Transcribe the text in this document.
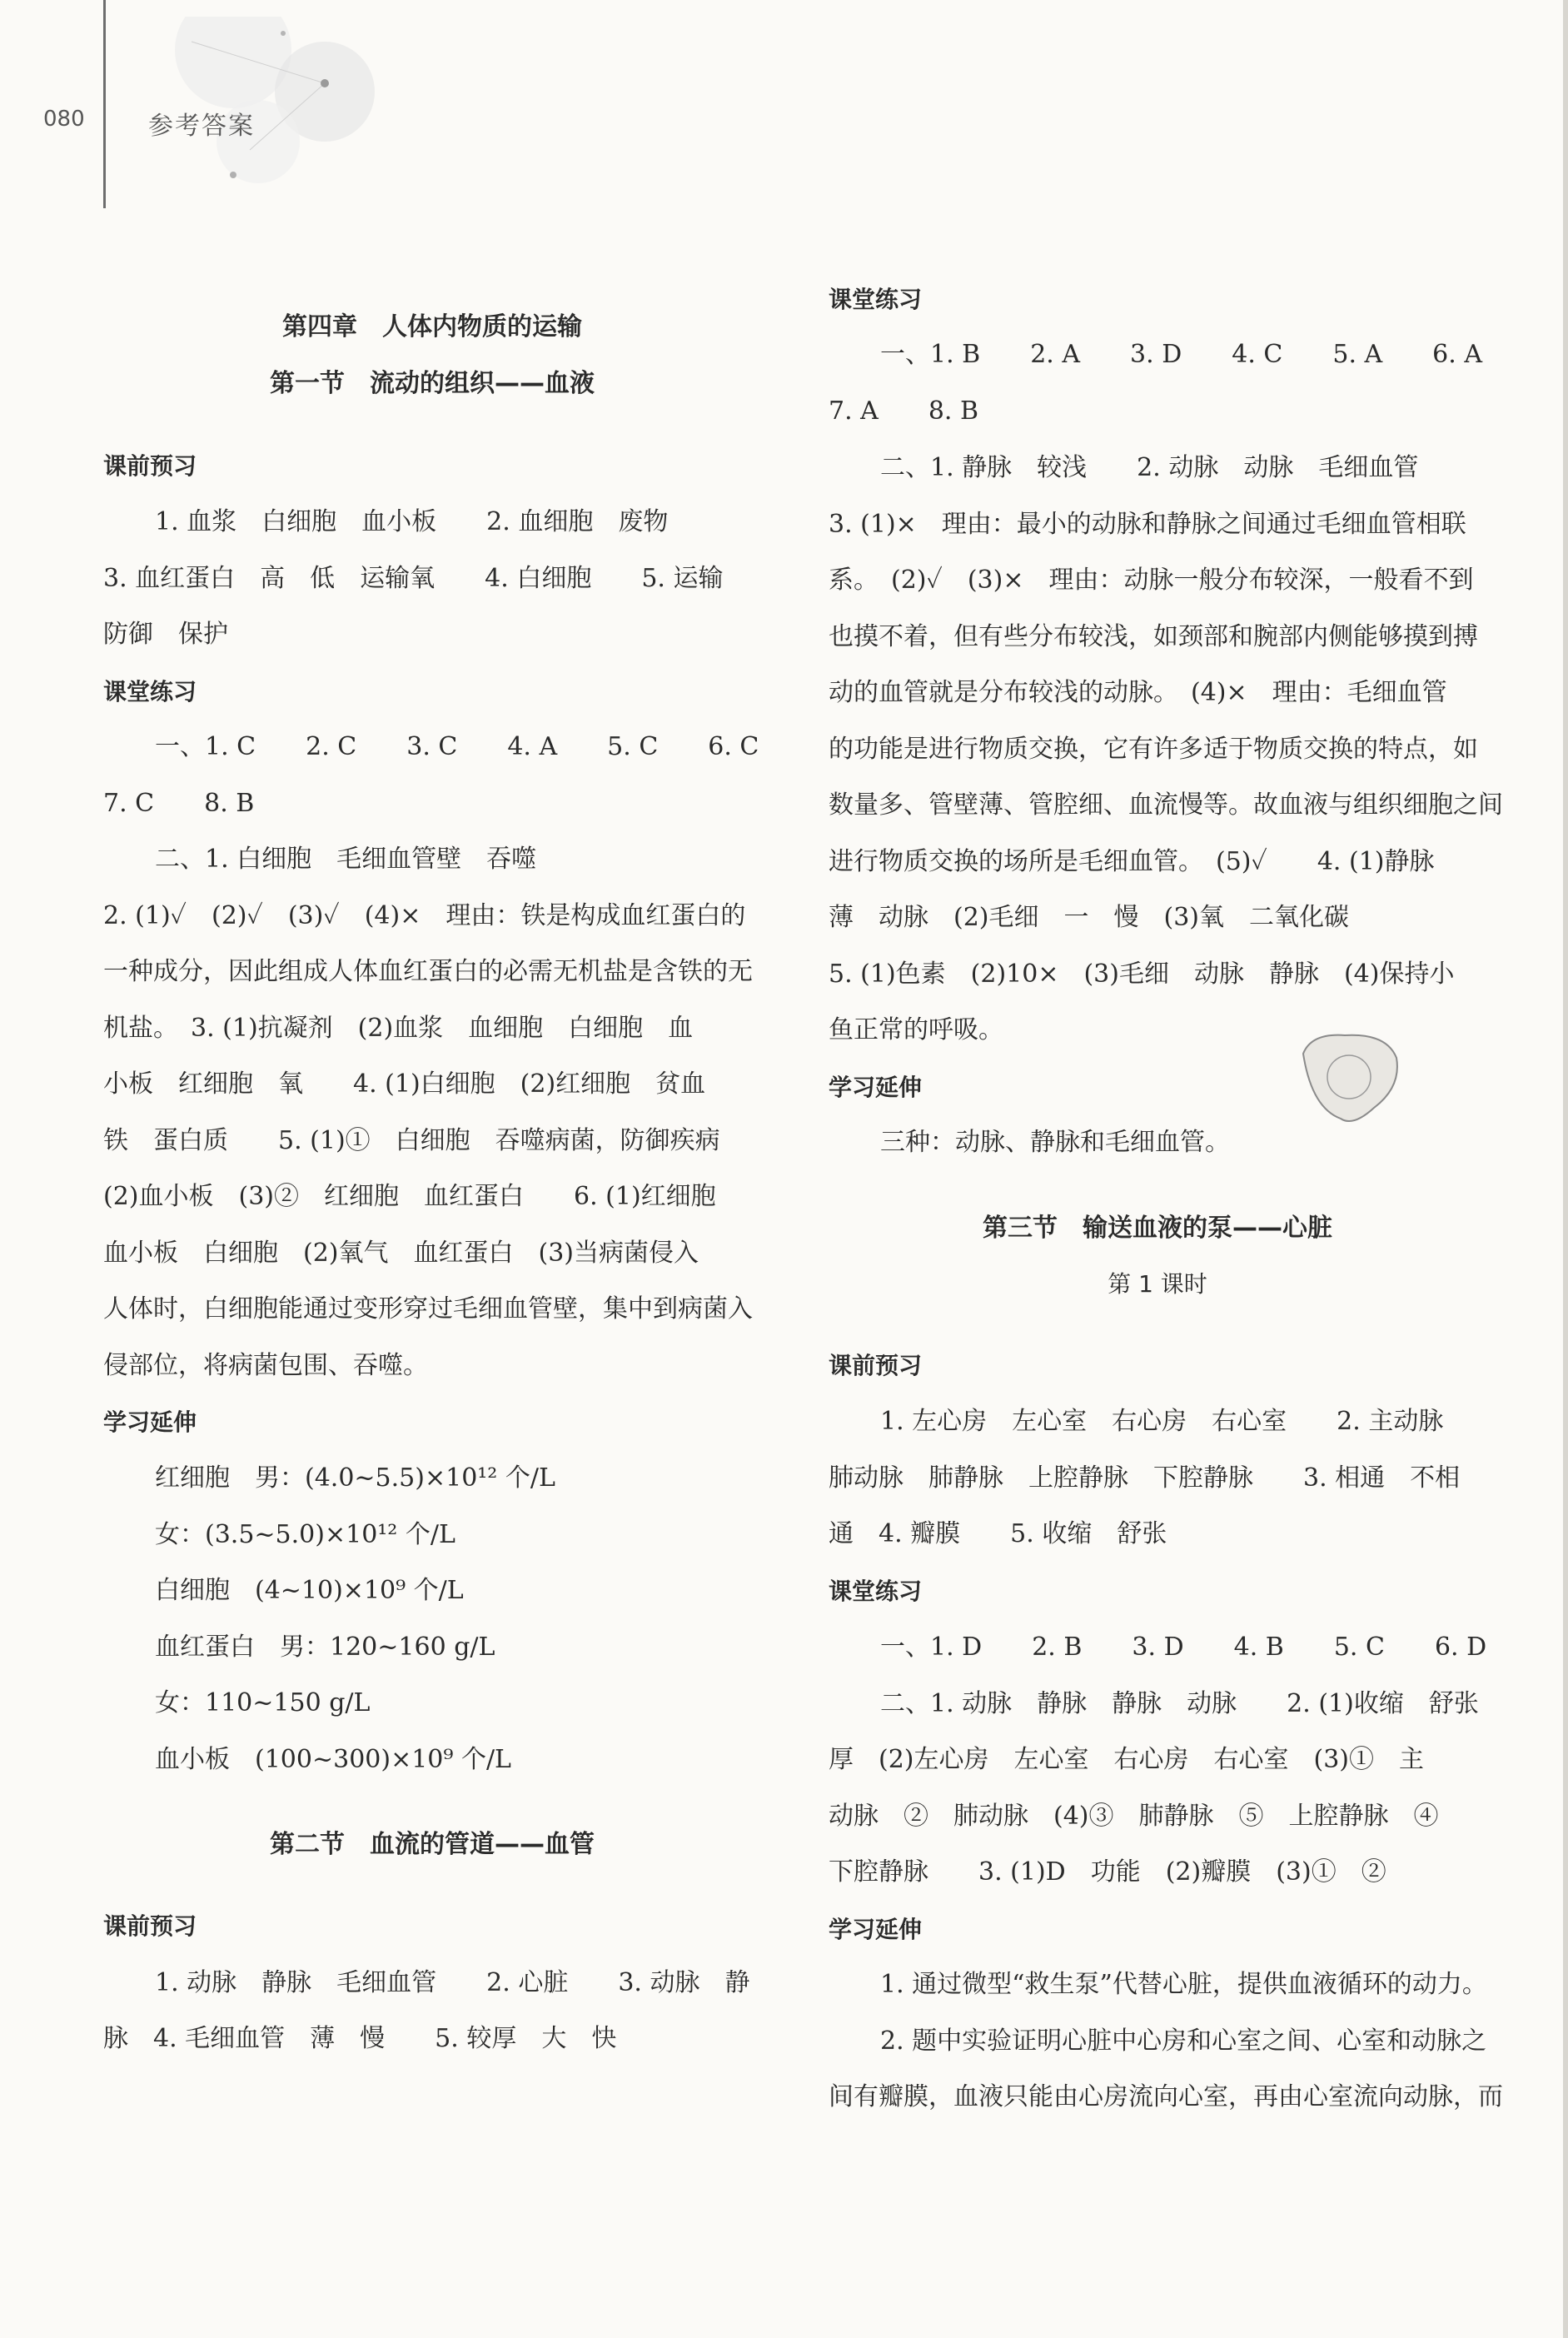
080	参考答案
第四章　人体内物质的运输
第一节　流动的组织——血液
课前预习
1. 血浆　白细胞　血小板　　2. 血细胞　废物
3. 血红蛋白　高　低　运输氧　　4. 白细胞　　5. 运输
防御　保护
课堂练习
一、1. C　　2. C　　3. C　　4. A　　5. C　　6. C
7. C　　8. B
二、1. 白细胞　毛细血管壁　吞噬
2. (1)✓　(2)✓　(3)✓　(4)×　理由：铁是构成血红蛋白的
一种成分，因此组成人体血红蛋白的必需无机盐是含铁的无
机盐。　3. (1)抗凝剂　(2)血浆　血细胞　白细胞　血
小板　红细胞　氧　　4. (1)白细胞　(2)红细胞　贫血
铁　蛋白质　　5. (1)①　白细胞　吞噬病菌，防御疾病
(2)血小板　(3)②　红细胞　血红蛋白　　6. (1)红细胞
血小板　白细胞　(2)氧气　血红蛋白　(3)当病菌侵入
人体时，白细胞能通过变形穿过毛细血管壁，集中到病菌入
侵部位，将病菌包围、吞噬。
学习延伸
红细胞　男：(4.0~5.5)×10¹² 个/L
女：(3.5~5.0)×10¹² 个/L
白细胞　(4~10)×10⁹ 个/L
血红蛋白　男：120~160 g/L
女：110~150 g/L
血小板　(100~300)×10⁹ 个/L
第二节　血流的管道——血管
课前预习
1. 动脉　静脉　毛细血管　　2. 心脏　　3. 动脉　静
脉　4. 毛细血管　薄　慢　　5. 较厚　大　快
课堂练习
一、1. B　　2. A　　3. D　　4. C　　5. A　　6. A
7. A　　8. B
二、1. 静脉　较浅　　2. 动脉　动脉　毛细血管
3. (1)×　理由：最小的动脉和静脉之间通过毛细血管相联
系。　(2)✓　(3)×　理由：动脉一般分布较深，一般看不到
也摸不着，但有些分布较浅，如颈部和腕部内侧能够摸到搏
动的血管就是分布较浅的动脉。　(4)×　理由：毛细血管
的功能是进行物质交换，它有许多适于物质交换的特点，如
数量多、管壁薄、管腔细、血流慢等。故血液与组织细胞之间
进行物质交换的场所是毛细血管。　(5)✓　　4. (1)静脉
薄　动脉　(2)毛细　一　慢　(3)氧　二氧化碳
5. (1)色素　(2)10×　(3)毛细　动脉　静脉　(4)保持小
鱼正常的呼吸。
学习延伸
三种：动脉、静脉和毛细血管。
第三节　输送血液的泵——心脏
第 1 课时
课前预习
1. 左心房　左心室　右心房　右心室　　2. 主动脉
肺动脉　肺静脉　上腔静脉　下腔静脉　　3. 相通　不相
通　4. 瓣膜　　5. 收缩　舒张
课堂练习
一、1. D　　2. B　　3. D　　4. B　　5. C　　6. D
二、1. 动脉　静脉　静脉　动脉　　2. (1)收缩　舒张
厚　(2)左心房　左心室　右心房　右心室　(3)①　主
动脉　②　肺动脉　(4)③　肺静脉　⑤　上腔静脉　④
下腔静脉　　3. (1)D　功能　(2)瓣膜　(3)①　②
学习延伸
1. 通过微型“救生泵”代替心脏，提供血液循环的动力。
2. 题中实验证明心脏中心房和心室之间、心室和动脉之
间有瓣膜，血液只能由心房流向心室，再由心室流向动脉，而
